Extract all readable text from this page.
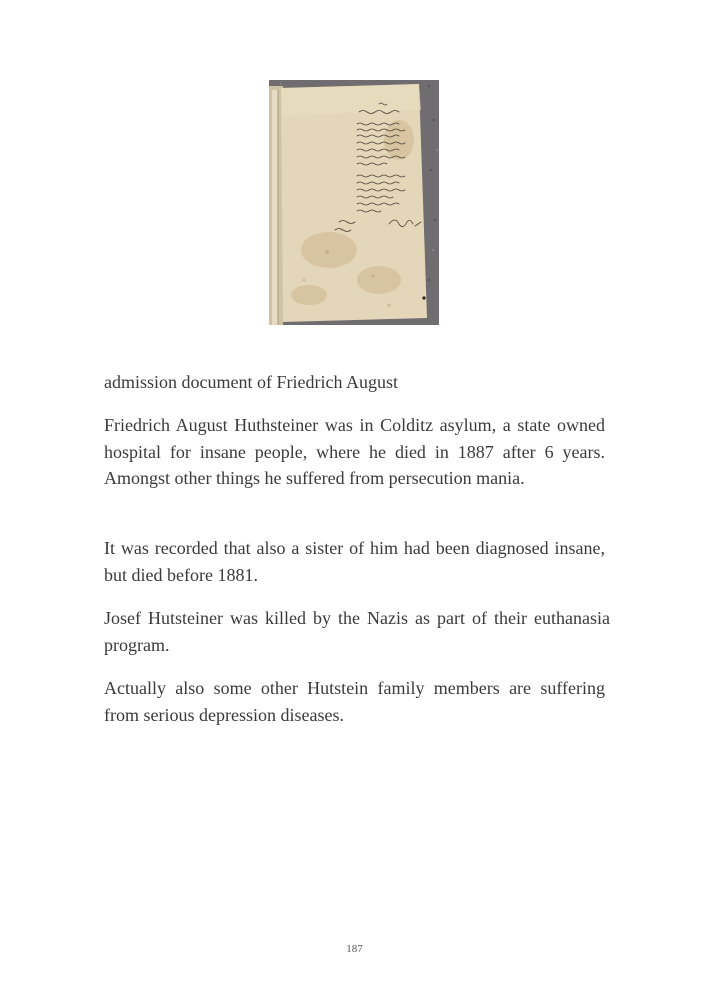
admission document of Friedrich August

Friedrich August Huthsteiner was in Colditz asylum, a state owned hospital for insane people, where he died in 1887 after 6 years. Amongst other things he suffered from persecution mania.

It was recorded that also a sister of him had been diagnosed insane, but died before 1881.

Josef Hutsteiner was killed by the Nazis as part of their euthanasia program.

Actually also some other Hutstein family members are suffering from serious depression diseases.

187
